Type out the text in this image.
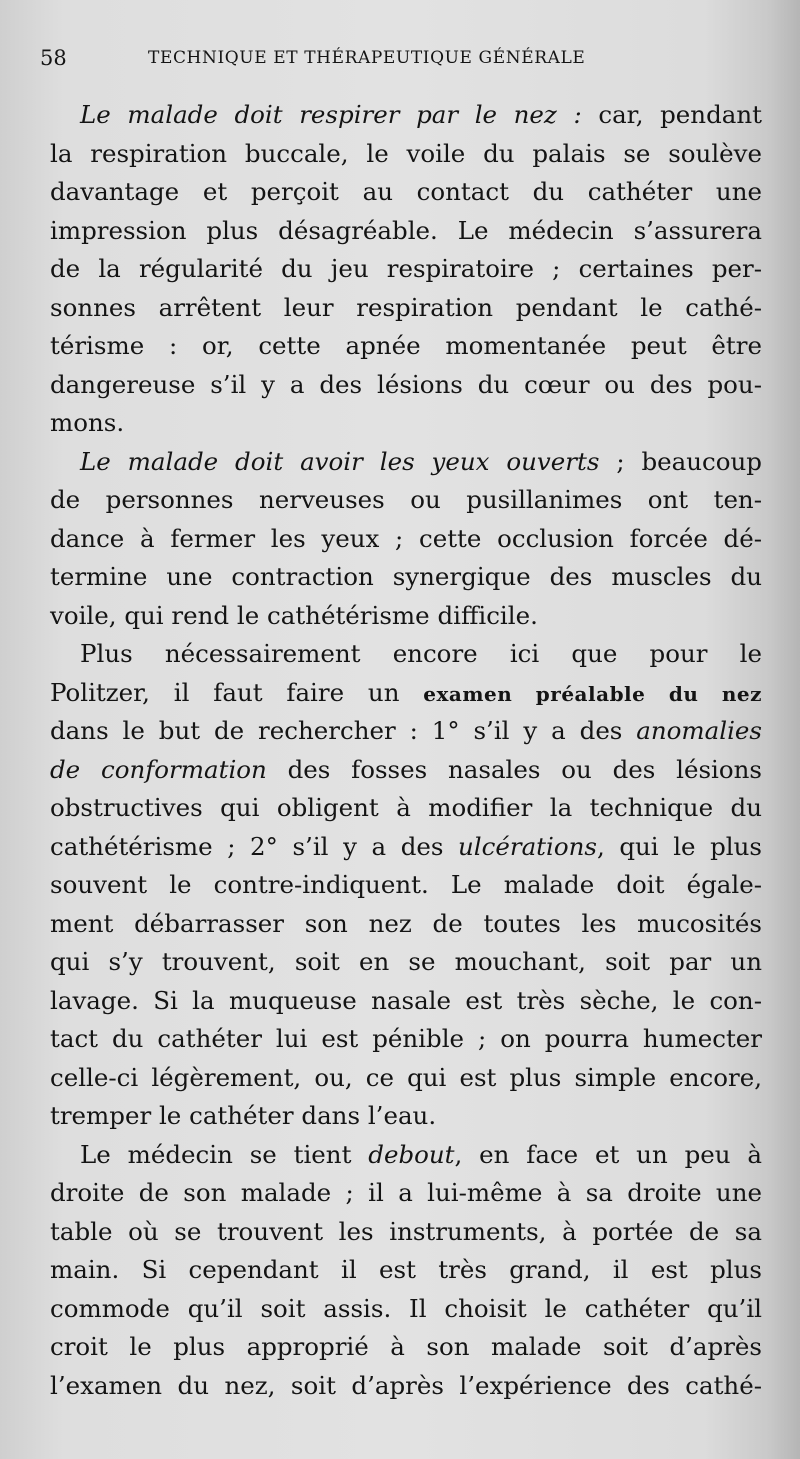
58	TECHNIQUE ET THÉRAPEUTIQUE GÉNÉRALE
Le malade doit respirer par le nez : car, pendant
la respiration buccale, le voile du palais se soulève
davantage et perçoit au contact du cathéter une
impression plus désagréable. Le médecin s’assurera
de la régularité du jeu respiratoire ; certaines per-
sonnes arrêtent leur respiration pendant le cathé-
térisme : or, cette apnée momentanée peut être
dangereuse s’il y a des lésions du cœur ou des pou-
mons.
Le malade doit avoir les yeux ouverts ; beaucoup
de personnes nerveuses ou pusillanimes ont ten-
dance à fermer les yeux ; cette occlusion forcée dé-
termine une contraction synergique des muscles du
voile, qui rend le cathétérisme difficile.
Plus nécessairement encore ici que pour le
Politzer, il faut faire un examen préalable du nez
dans le but de rechercher : 1° s’il y a des anomalies
de conformation des fosses nasales ou des lésions
obstructives qui obligent à modifier la technique du
cathétérisme ; 2° s’il y a des ulcérations, qui le plus
souvent le contre-indiquent. Le malade doit égale-
ment débarrasser son nez de toutes les mucosités
qui s’y trouvent, soit en se mouchant, soit par un
lavage. Si la muqueuse nasale est très sèche, le con-
tact du cathéter lui est pénible ; on pourra humecter
celle-ci légèrement, ou, ce qui est plus simple encore,
tremper le cathéter dans l’eau.
Le médecin se tient debout, en face et un peu à
droite de son malade ; il a lui-même à sa droite une
table où se trouvent les instruments, à portée de sa
main. Si cependant il est très grand, il est plus
commode qu’il soit assis. Il choisit le cathéter qu’il
croit le plus approprié à son malade soit d’après
l’examen du nez, soit d’après l’expérience des cathé-
